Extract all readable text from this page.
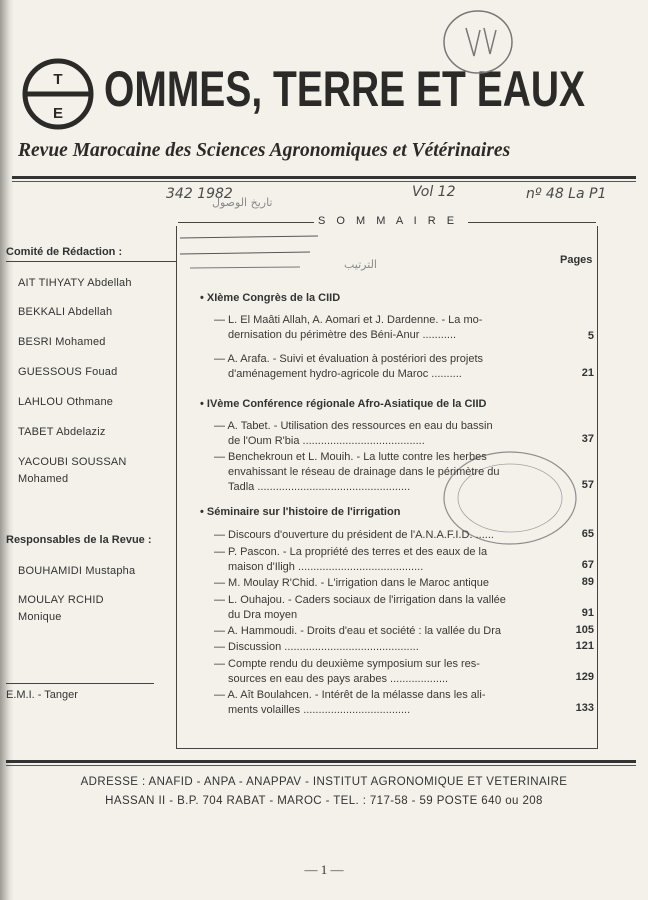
T
E OMMES, TERRE ET EAUX
Revue Marocaine des Sciences Agronomiques et Vétérinaires
342 1982	Vol 12	nº 48 La P1
تاريخ الوصول
الترتيب
S O M M A I R E
Pages
Comité de Rédaction :
AIT TIHYATY Abdellah
BEKKALI Abdellah
BESRI Mohamed
GUESSOUS Fouad
LAHLOU Othmane
TABET Abdelaziz
YACOUBI SOUSSAN
Mohamed
Responsables de la Revue :
BOUHAMIDI Mustapha
MOULAY RCHID
Monique
E.M.I. - Tanger
• XIème Congrès de la CIID
— L. El Maâti Allah, A. Aomari et J. Dardenne. - La mo-
dernisation du périmètre des Béni-Anur ...........	5
— A. Arafa. - Suivi et évaluation à postériori des projets
d'aménagement hydro-agricole du Maroc ..........	21
• IVème Conférence régionale Afro-Asiatique de la CIID
— A. Tabet. - Utilisation des ressources en eau du bassin
de l'Oum R'bia ........................................	37
— Benchekroun et L. Mouih. - La lutte contre les herbes
envahissant le réseau de drainage dans le périmètre du
Tadla ..................................................	57
• Séminaire sur l'histoire de l'irrigation
— Discours d'ouverture du président de l'A.N.A.F.I.D. ......	65
— P. Pascon. - La propriété des terres et des eaux de la
maison d'Iligh .........................................	67
— M. Moulay R'Chid. - L'irrigation dans le Maroc antique	89
— L. Ouhajou. - Caders sociaux de l'irrigation dans la vallée
du Dra moyen	91
— A. Hammoudi. - Droits d'eau et société : la vallée du Dra	105
— Discussion ............................................	121
— Compte rendu du deuxième symposium sur les res-
sources en eau des pays arabes ...................	129
— A. Aît Boulahcen. - Intérêt de la mélasse dans les ali-
ments volailles ...................................	133
ADRESSE : ANAFID - ANPA - ANAPPAV - INSTITUT AGRONOMIQUE ET VETERINAIRE
HASSAN II - B.P. 704 RABAT - MAROC - TEL. : 717-58 - 59 POSTE 640 ou 208
— 1 —
